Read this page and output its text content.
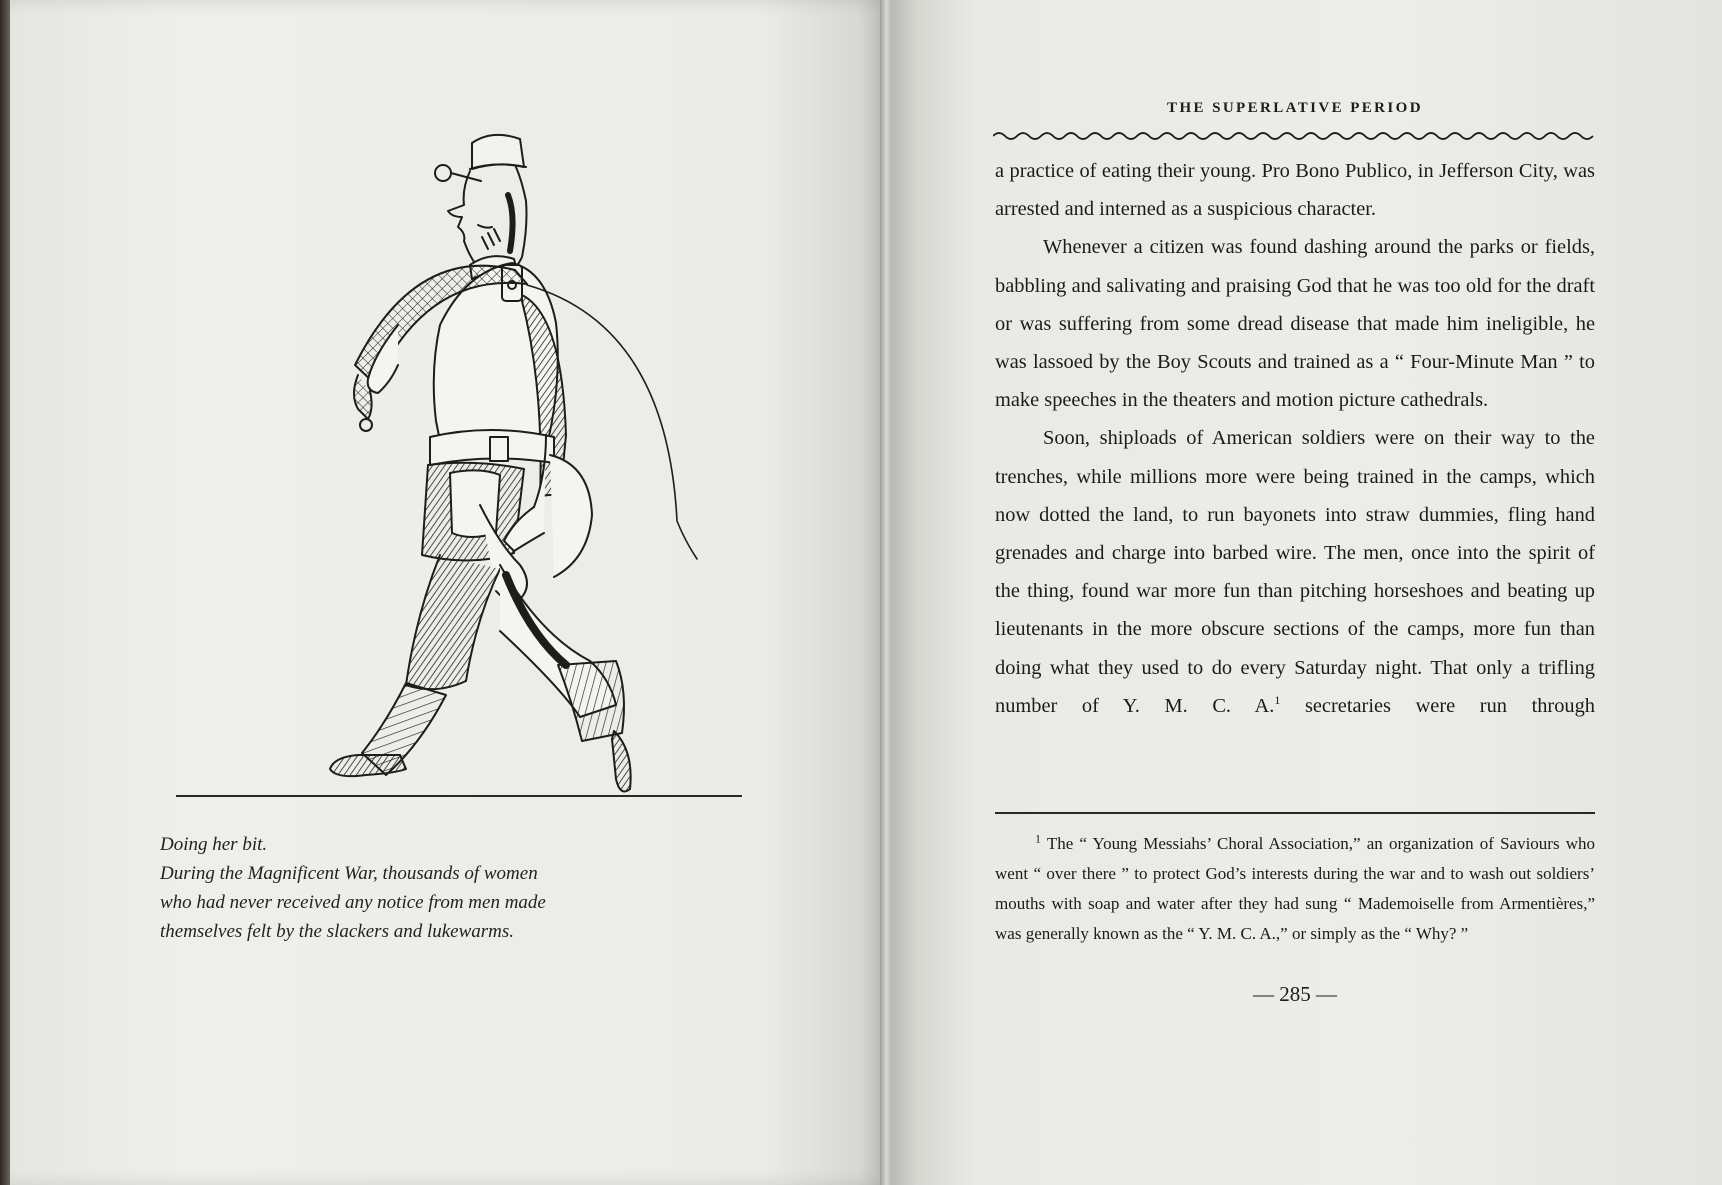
Doing her bit.

During the Magnificent War, thousands of women

who had never received any notice from men made

themselves felt by the slackers and lukewarms.

THE SUPERLATIVE PERIOD

a practice of eating their young. Pro Bono Publico, in Jefferson City, was arrested and interned as a suspicious character.

Whenever a citizen was found dashing around the parks or fields, babbling and salivating and praising God that he was too old for the draft or was suffering from some dread disease that made him ineligible, he was lassoed by the Boy Scouts and trained as a “ Four-Minute Man ” to make speeches in the theaters and motion picture cathedrals.

Soon, shiploads of American soldiers were on their way to the trenches, while millions more were being trained in the camps, which now dotted the land, to run bayonets into straw dummies, fling hand grenades and charge into barbed wire. The men, once into the spirit of the thing, found war more fun than pitching horseshoes and beating up lieutenants in the more obscure sections of the camps, more fun than doing what they used to do every Saturday night. That only a trifling number of Y. M. C. A.$^1$ secretaries were run through

$^1$ The “ Young Messiahs’ Choral Association,” an organization of Saviours who went “ over there ” to protect God’s interests during the war and to wash out soldiers’ mouths with soap and water after they had sung “ Mademoiselle from Armentières,” was generally known as the “ Y. M. C. A.,” or simply as the “ Why? ”

— 285 —
